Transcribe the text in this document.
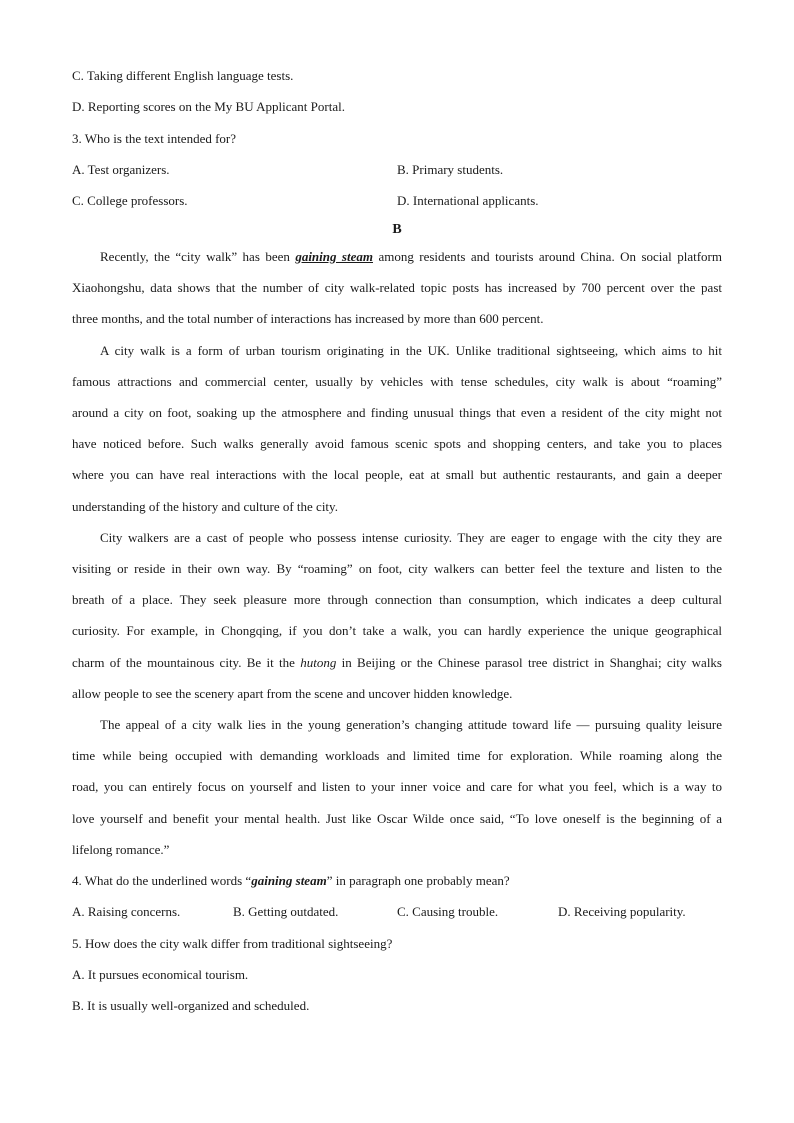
C. Taking different English language tests.
D. Reporting scores on the My BU Applicant Portal.
3. Who is the text intended for?
A. Test organizers.	B. Primary students.
C. College professors.	D. International applicants.
B
Recently, the “city walk” has been gaining steam among residents and tourists around China. On social platform
Xiaohongshu, data shows that the number of city walk-related topic posts has increased by 700 percent over the past
three months, and the total number of interactions has increased by more than 600 percent.
A city walk is a form of urban tourism originating in the UK. Unlike traditional sightseeing, which aims to hit
famous attractions and commercial center, usually by vehicles with tense schedules, city walk is about “roaming”
around a city on foot, soaking up the atmosphere and finding unusual things that even a resident of the city might not
have noticed before. Such walks generally avoid famous scenic spots and shopping centers, and take you to places
where you can have real interactions with the local people, eat at small but authentic restaurants, and gain a deeper
understanding of the history and culture of the city.
City walkers are a cast of people who possess intense curiosity. They are eager to engage with the city they are
visiting or reside in their own way. By “roaming” on foot, city walkers can better feel the texture and listen to the
breath of a place. They seek pleasure more through connection than consumption, which indicates a deep cultural
curiosity. For example, in Chongqing, if you don’t take a walk, you can hardly experience the unique geographical
charm of the mountainous city. Be it the hutong in Beijing or the Chinese parasol tree district in Shanghai; city walks
allow people to see the scenery apart from the scene and uncover hidden knowledge.
The appeal of a city walk lies in the young generation’s changing attitude toward life — pursuing quality leisure
time while being occupied with demanding workloads and limited time for exploration. While roaming along the
road, you can entirely focus on yourself and listen to your inner voice and care for what you feel, which is a way to
love yourself and benefit your mental health. Just like Oscar Wilde once said, “To love oneself is the beginning of a
lifelong romance.”
4. What do the underlined words “gaining steam” in paragraph one probably mean?
A. Raising concerns.	B. Getting outdated.	C. Causing trouble.	D. Receiving popularity.
5. How does the city walk differ from traditional sightseeing?
A. It pursues economical tourism.
B. It is usually well-organized and scheduled.
